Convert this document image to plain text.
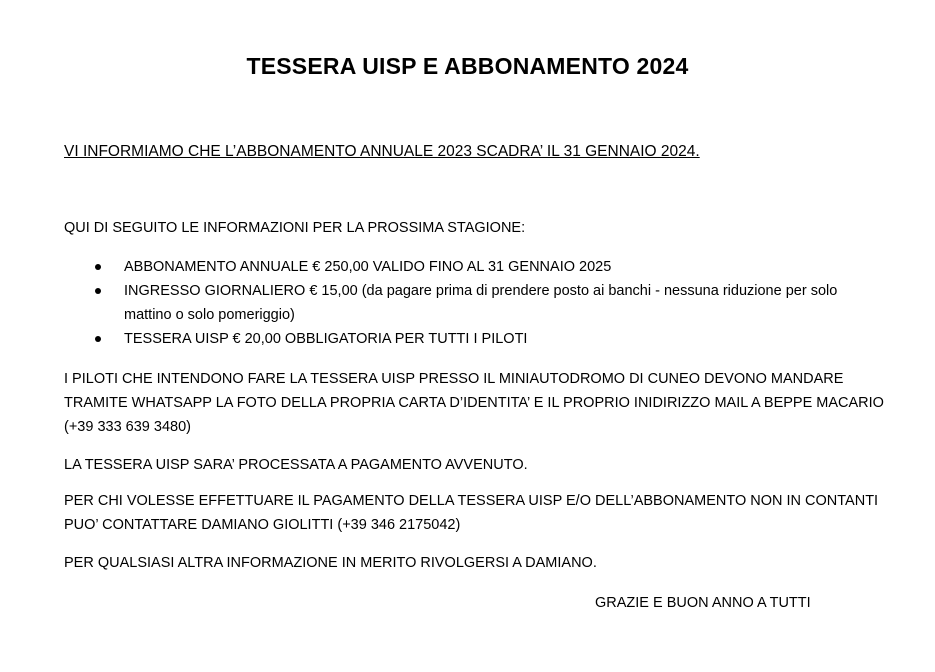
TESSERA UISP E ABBONAMENTO 2024

VI INFORMIAMO CHE L’ABBONAMENTO ANNUALE 2023 SCADRA’ IL 31 GENNAIO 2024.

QUI DI SEGUITO LE INFORMAZIONI PER LA PROSSIMA STAGIONE:

ABBONAMENTO ANNUALE € 250,00 VALIDO FINO AL 31 GENNAIO 2025
INGRESSO GIORNALIERO € 15,00 (da pagare prima di prendere posto ai banchi - nessuna riduzione per solo mattino o solo pomeriggio)
TESSERA UISP € 20,00 OBBLIGATORIA PER TUTTI I PILOTI

I PILOTI CHE INTENDONO FARE LA TESSERA UISP PRESSO IL MINIAUTODROMO DI CUNEO DEVONO MANDARE TRAMITE WHATSAPP LA FOTO DELLA PROPRIA CARTA D’IDENTITA’ E IL PROPRIO INIDIRIZZO MAIL A BEPPE MACARIO (+39 333 639 3480)

LA TESSERA UISP SARA’ PROCESSATA A PAGAMENTO AVVENUTO.

PER CHI VOLESSE EFFETTUARE IL PAGAMENTO DELLA TESSERA UISP E/O DELL’ABBONAMENTO NON IN CONTANTI PUO’ CONTATTARE DAMIANO GIOLITTI (+39 346 2175042)

PER QUALSIASI ALTRA INFORMAZIONE IN MERITO RIVOLGERSI A DAMIANO.

GRAZIE E BUON ANNO A TUTTI
